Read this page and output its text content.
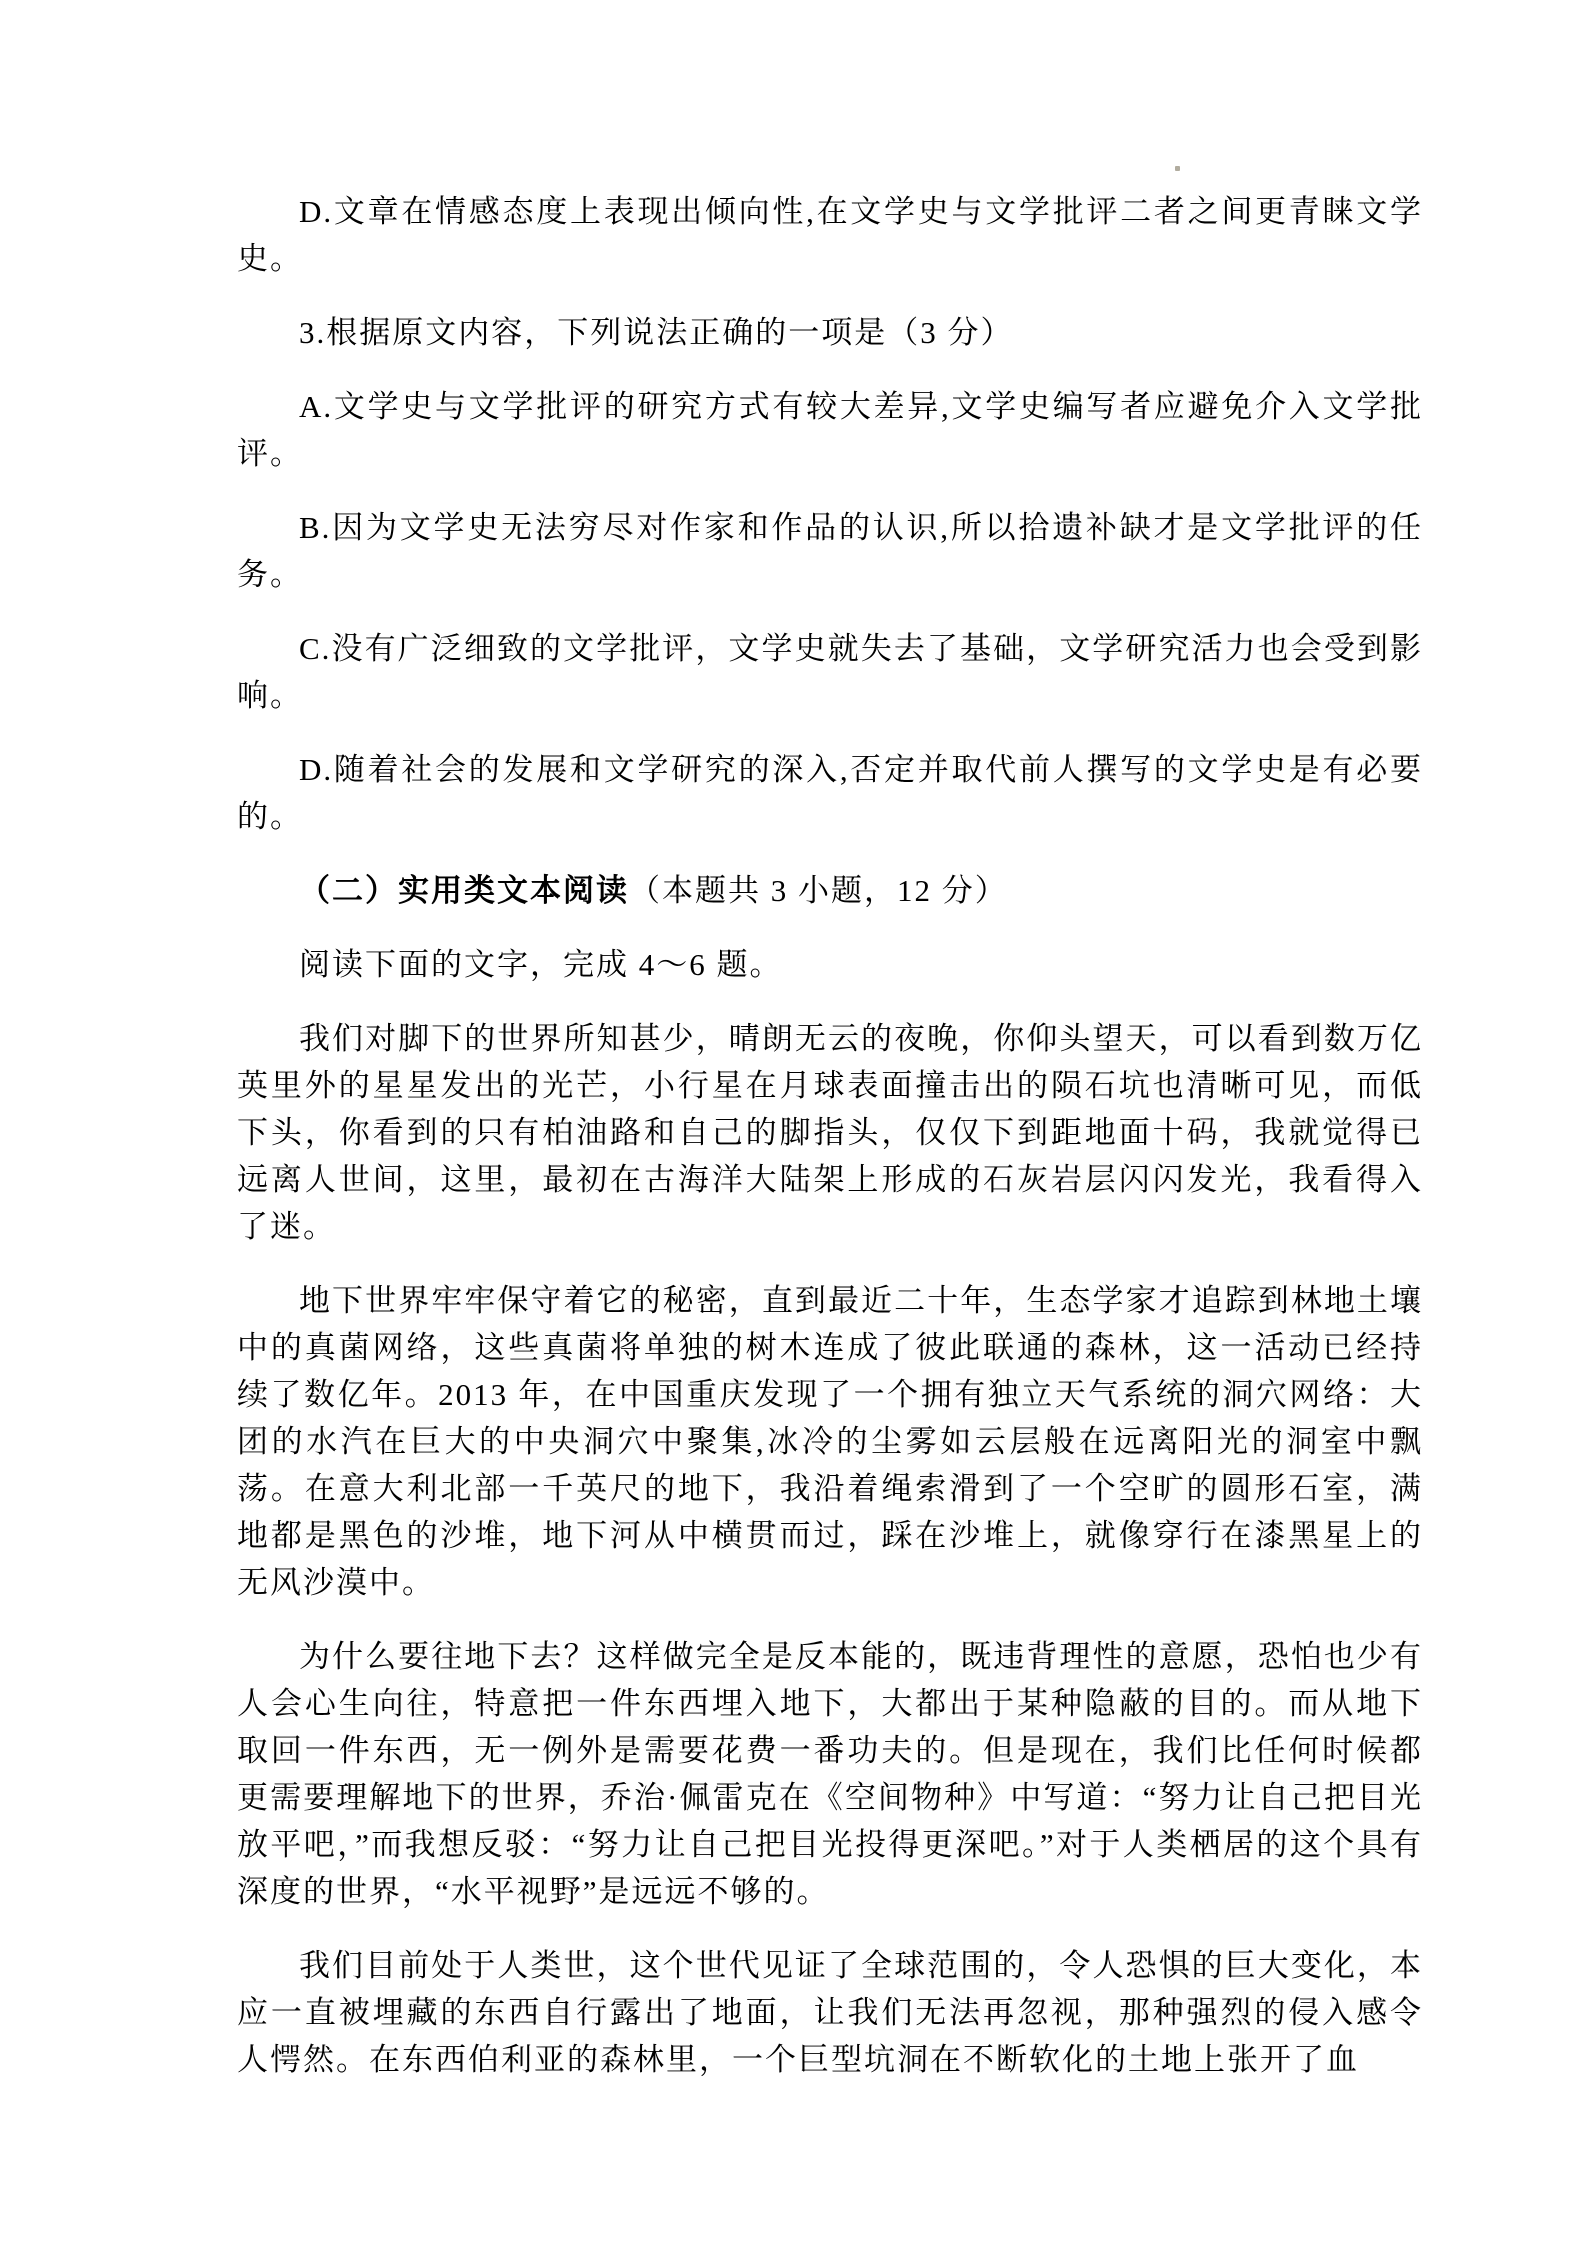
D.文章在情感态度上表现出倾向性,在文学史与文学批评二者之间更青睐文学史。

3.根据原文内容，下列说法正确的一项是（3 分）

A.文学史与文学批评的研究方式有较大差异,文学史编写者应避免介入文学批评。

B.因为文学史无法穷尽对作家和作品的认识,所以拾遗补缺才是文学批评的任务。

C.没有广泛细致的文学批评，文学史就失去了基础，文学研究活力也会受到影响。

D.随着社会的发展和文学研究的深入,否定并取代前人撰写的文学史是有必要的。

（二）实用类文本阅读（本题共 3 小题，12 分）

阅读下面的文字，完成 4～6 题。

我们对脚下的世界所知甚少，晴朗无云的夜晚，你仰头望天，可以看到数万亿英里外的星星发出的光芒，小行星在月球表面撞击出的陨石坑也清晰可见，而低下头，你看到的只有柏油路和自己的脚指头，仅仅下到距地面十码，我就觉得已远离人世间，这里，最初在古海洋大陆架上形成的石灰岩层闪闪发光，我看得入了迷。

地下世界牢牢保守着它的秘密，直到最近二十年，生态学家才追踪到林地土壤中的真菌网络，这些真菌将单独的树木连成了彼此联通的森林，这一活动已经持续了数亿年。2013 年，在中国重庆发现了一个拥有独立天气系统的洞穴网络：大团的水汽在巨大的中央洞穴中聚集,冰冷的尘雾如云层般在远离阳光的洞室中飘荡。在意大利北部一千英尺的地下，我沿着绳索滑到了一个空旷的圆形石室，满地都是黑色的沙堆，地下河从中横贯而过，踩在沙堆上，就像穿行在漆黑星上的无风沙漠中。

为什么要往地下去？这样做完全是反本能的，既违背理性的意愿，恐怕也少有人会心生向往，特意把一件东西埋入地下，大都出于某种隐蔽的目的。而从地下取回一件东西，无一例外是需要花费一番功夫的。但是现在，我们比任何时候都更需要理解地下的世界，乔治·佩雷克在《空间物种》中写道：“努力让自己把目光放平吧，”而我想反驳：“努力让自己把目光投得更深吧。”对于人类栖居的这个具有深度的世界，“水平视野”是远远不够的。

我们目前处于人类世，这个世代见证了全球范围的，令人恐惧的巨大变化，本应一直被埋藏的东西自行露出了地面，让我们无法再忽视，那种强烈的侵入感令人愕然。在东西伯利亚的森林里，一个巨型坑洞在不断软化的土地上张开了血
